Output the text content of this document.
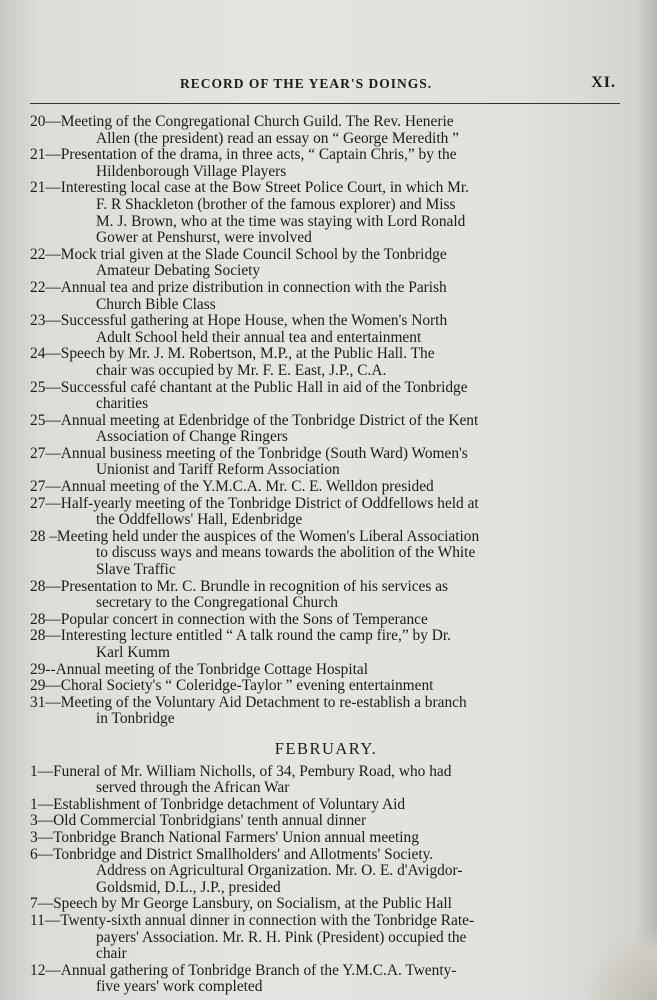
RECORD OF THE YEAR'S DOINGS.	XI.
20—Meeting of the Congregational Church Guild. The Rev. Henerie
Allen (the president) read an essay on “ George Meredith ”
21—Presentation of the drama, in three acts, “ Captain Chris,” by the
Hildenborough Village Players
21—Interesting local case at the Bow Street Police Court, in which Mr.
F. R Shackleton (brother of the famous explorer) and Miss
M. J. Brown, who at the time was staying with Lord Ronald
Gower at Penshurst, were involved
22—Mock trial given at the Slade Council School by the Tonbridge
Amateur Debating Society
22—Annual tea and prize distribution in connection with the Parish
Church Bible Class
23—Successful gathering at Hope House, when the Women's North
Adult School held their annual tea and entertainment
24—Speech by Mr. J. M. Robertson, M.P., at the Public Hall. The
chair was occupied by Mr. F. E. East, J.P., C.A.
25—Successful café chantant at the Public Hall in aid of the Tonbridge
charities
25—Annual meeting at Edenbridge of the Tonbridge District of the Kent
Association of Change Ringers
27—Annual business meeting of the Tonbridge (South Ward) Women's
Unionist and Tariff Reform Association
27—Annual meeting of the Y.M.C.A. Mr. C. E. Welldon presided
27—Half-yearly meeting of the Tonbridge District of Oddfellows held at
the Oddfellows' Hall, Edenbridge
28 –Meeting held under the auspices of the Women's Liberal Association
to discuss ways and means towards the abolition of the White
Slave Traffic
28—Presentation to Mr. C. Brundle in recognition of his services as
secretary to the Congregational Church
28—Popular concert in connection with the Sons of Temperance
28—Interesting lecture entitled “ A talk round the camp fire,” by Dr.
Karl Kumm
29--Annual meeting of the Tonbridge Cottage Hospital
29—Choral Society's “ Coleridge-Taylor ” evening entertainment
31—Meeting of the Voluntary Aid Detachment to re-establish a branch
in Tonbridge
FEBRUARY.
1—Funeral of Mr. William Nicholls, of 34, Pembury Road, who had
served through the African War
1—Establishment of Tonbridge detachment of Voluntary Aid
3—Old Commercial Tonbridgians' tenth annual dinner
3—Tonbridge Branch National Farmers' Union annual meeting
6—Tonbridge and District Smallholders' and Allotments' Society.
Address on Agricultural Organization. Mr. O. E. d'Avigdor-
Goldsmid, D.L., J.P., presided
7—Speech by Mr George Lansbury, on Socialism, at the Public Hall
11—Twenty-sixth annual dinner in connection with the Tonbridge Rate-
payers' Association. Mr. R. H. Pink (President) occupied the
chair
12—Annual gathering of Tonbridge Branch of the Y.M.C.A. Twenty-
five years' work completed
